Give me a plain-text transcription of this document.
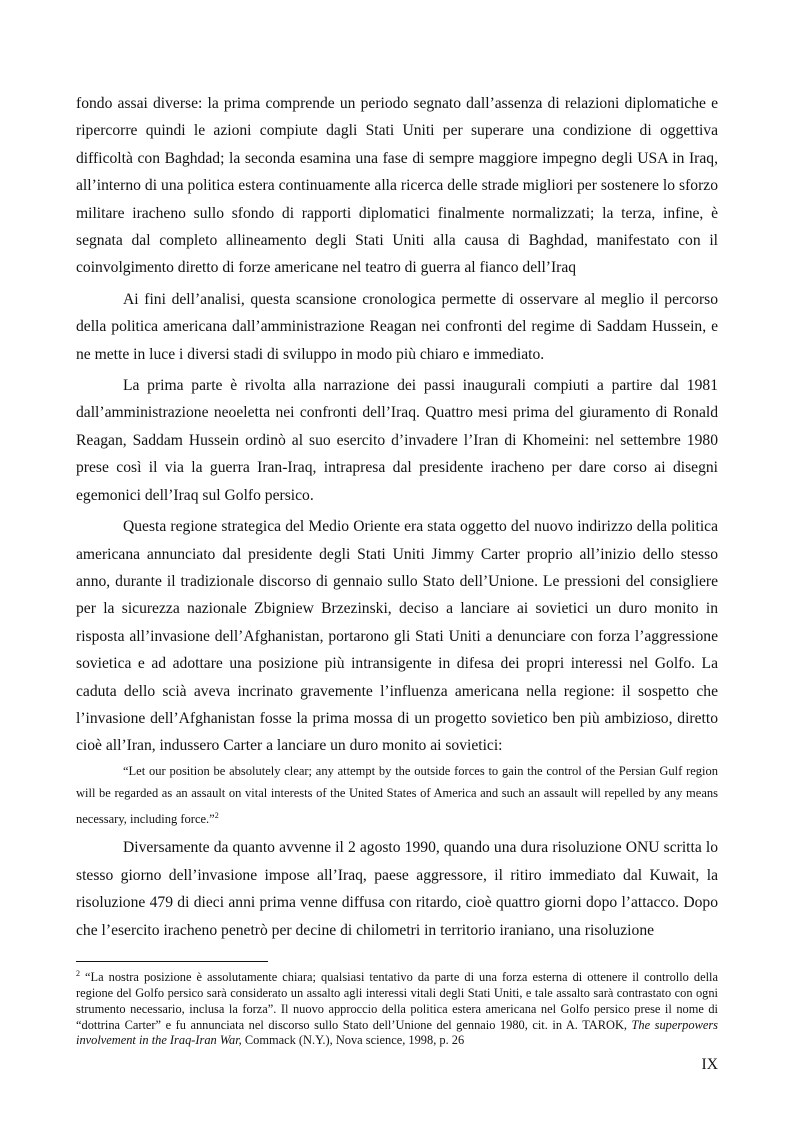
fondo assai diverse: la prima comprende un periodo segnato dall’assenza di relazioni diplomatiche e ripercorre quindi le azioni compiute dagli Stati Uniti per superare una condizione di oggettiva difficoltà con Baghdad; la seconda esamina una fase di sempre maggiore impegno degli USA in Iraq, all’interno di una politica estera continuamente alla ricerca delle strade migliori per sostenere lo sforzo militare iracheno sullo sfondo di rapporti diplomatici finalmente normalizzati; la terza, infine, è segnata dal completo allineamento degli Stati Uniti alla causa di Baghdad, manifestato con il coinvolgimento diretto di forze americane nel teatro di guerra al fianco dell’Iraq

Ai fini dell’analisi, questa scansione cronologica permette di osservare al meglio il percorso della politica americana dall’amministrazione Reagan nei confronti del regime di Saddam Hussein, e ne mette in luce i diversi stadi di sviluppo in modo più chiaro e immediato.

La prima parte è rivolta alla narrazione dei passi inaugurali compiuti a partire dal 1981 dall’amministrazione neoeletta nei confronti dell’Iraq. Quattro mesi prima del giuramento di Ronald Reagan, Saddam Hussein ordinò al suo esercito d’invadere l’Iran di Khomeini: nel settembre 1980 prese così il via la guerra Iran-Iraq, intrapresa dal presidente iracheno per dare corso ai disegni egemonici dell’Iraq sul Golfo persico.

Questa regione strategica del Medio Oriente era stata oggetto del nuovo indirizzo della politica americana annunciato dal presidente degli Stati Uniti Jimmy Carter proprio all’inizio dello stesso anno, durante il tradizionale discorso di gennaio sullo Stato dell’Unione. Le pressioni del consigliere per la sicurezza nazionale Zbigniew Brzezinski, deciso a lanciare ai sovietici un duro monito in risposta all’invasione dell’Afghanistan, portarono gli Stati Uniti a denunciare con forza l’aggressione sovietica e ad adottare una posizione più intransigente in difesa dei propri interessi nel Golfo. La caduta dello scià aveva incrinato gravemente l’influenza americana nella regione: il sospetto che l’invasione dell’Afghanistan fosse la prima mossa di un progetto sovietico ben più ambizioso, diretto cioè all’Iran, indussero Carter a lanciare un duro monito ai sovietici:

“Let our position be absolutely clear; any attempt by the outside forces to gain the control of the Persian Gulf region will be regarded as an assault on vital interests of the United States of America and such an assault will repelled by any means necessary, including force.”$^2$

Diversamente da quanto avvenne il 2 agosto 1990, quando una dura risoluzione ONU scritta lo stesso giorno dell’invasione impose all’Iraq, paese aggressore, il ritiro immediato dal Kuwait, la risoluzione 479 di dieci anni prima venne diffusa con ritardo, cioè quattro giorni dopo l’attacco. Dopo che l’esercito iracheno penetrò per decine di chilometri in territorio iraniano, una risoluzione

$^2$ “La nostra posizione è assolutamente chiara; qualsiasi tentativo da parte di una forza esterna di ottenere il controllo della regione del Golfo persico sarà considerato un assalto agli interessi vitali degli Stati Uniti, e tale assalto sarà contrastato con ogni strumento necessario, inclusa la forza”. Il nuovo approccio della politica estera americana nel Golfo persico prese il nome di “dottrina Carter” e fu annunciata nel discorso sullo Stato dell’Unione del gennaio 1980, cit. in A. TAROK, The superpowers involvement in the Iraq-Iran War, Commack (N.Y.), Nova science, 1998, p. 26
IX
